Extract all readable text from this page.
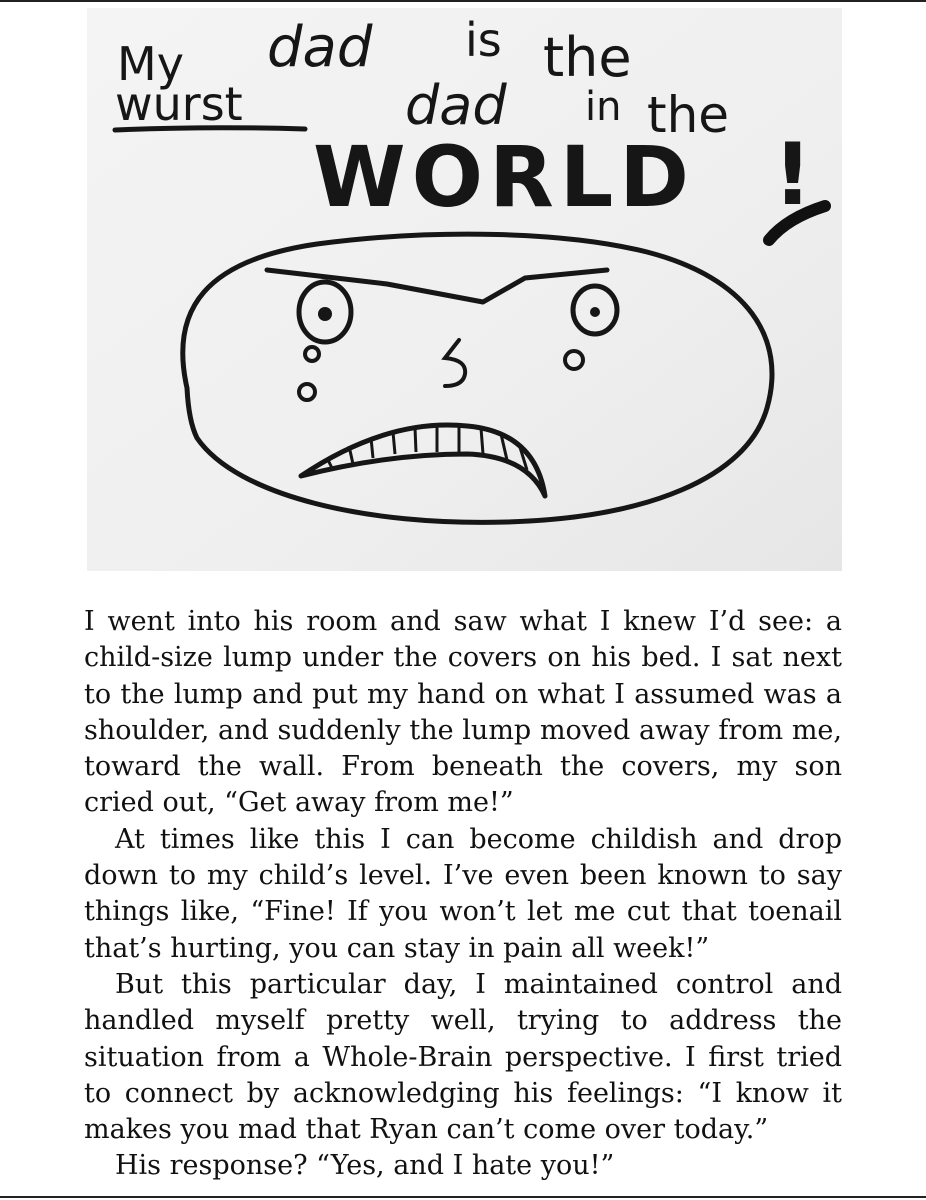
My dad is the
wurst	dad in the
WORLD !

I went into his room and saw what I knew I’d see: a child-size lump under the covers on his bed. I sat next to the lump and put my hand on what I assumed was a shoulder, and suddenly the lump moved away from me, toward the wall. From beneath the covers, my son cried out, “Get away from me!”

At times like this I can become childish and drop down to my child’s level. I’ve even been known to say things like, “Fine! If you won’t let me cut that toenail that’s hurting, you can stay in pain all week!”

But this particular day, I maintained control and handled myself pretty well, trying to address the situation from a Whole-Brain perspective. I first tried to connect by acknowledging his feelings: “I know it makes you mad that Ryan can’t come over today.”

His response? “Yes, and I hate you!”
